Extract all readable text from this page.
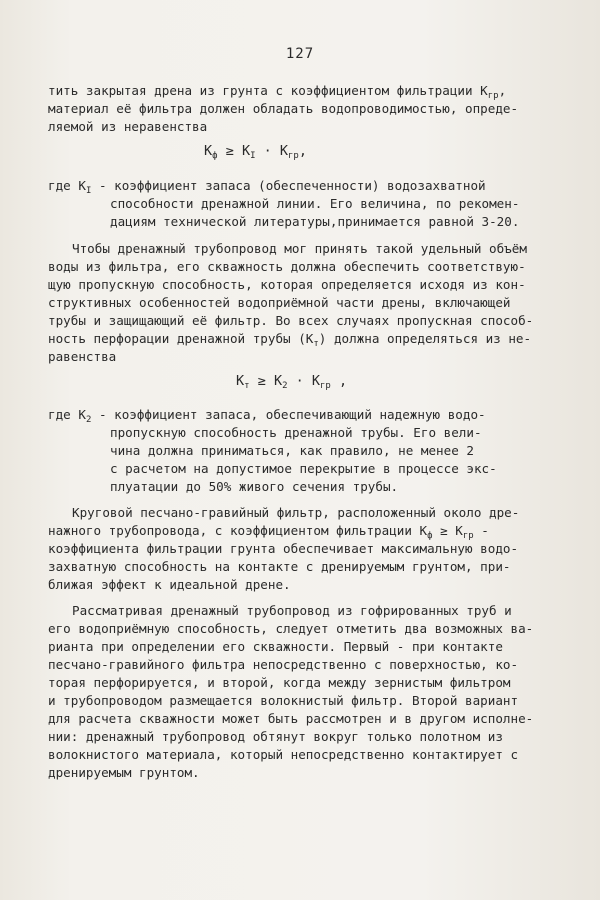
127
тить закрытая дрена из грунта с коэффициентом фильтрации $К_{гр}$,
материал её фильтра должен обладать водопроводимостью, опреде-
ляемой из неравенства
$К_ф \ge К_I \cdot К_{гр}$,
где $К_I$ - коэффициент запаса (обеспеченности) водозахватной
способности дренажной линии. Его величина, по рекомен-
дациям технической литературы,принимается равной 3-20.
Чтобы дренажный трубопровод мог принять такой удельный объём
воды из фильтра, его скважность должна обеспечить соответствую-
щую пропускную способность, которая определяется исходя из кон-
структивных особенностей водоприёмной части дрены, включающей
трубы и защищающий её фильтр. Во всех случаях пропускная способ-
ность перфорации дренажной трубы $(К_т)$ должна определяться из не-
равенства
$К_т \ge К_2 \cdot К_{гр}$ ,
где $К_2$ - коэффициент запаса, обеспечивающий надежную водо-
пропускную способность дренажной трубы. Его вели-
чина должна приниматься, как правило, не менее 2
с расчетом на допустимое перекрытие в процессе экс-
плуатации до 50% живого сечения трубы.
Круговой песчано-гравийный фильтр, расположенный около дре-
нажного трубопровода, с коэффициентом фильтрации $К_ф \ge К_{гр}$ -
коэффициента фильтрации грунта обеспечивает максимальную водо-
захватную способность на контакте с дренируемым грунтом, при-
ближая эффект к идеальной дрене.
Рассматривая дренажный трубопровод из гофрированных труб и
его водоприёмную способность, следует отметить два возможных ва-
рианта при определении его скважности. Первый - при контакте
песчано-гравийного фильтра непосредственно с поверхностью, ко-
торая перфорируется, и второй, когда между зернистым фильтром
и трубопроводом размещается волокнистый фильтр. Второй вариант
для расчета скважности может быть рассмотрен и в другом исполне-
нии: дренажный трубопровод обтянут вокруг только полотном из
волокнистого материала, который непосредственно контактирует с
дренируемым грунтом.
